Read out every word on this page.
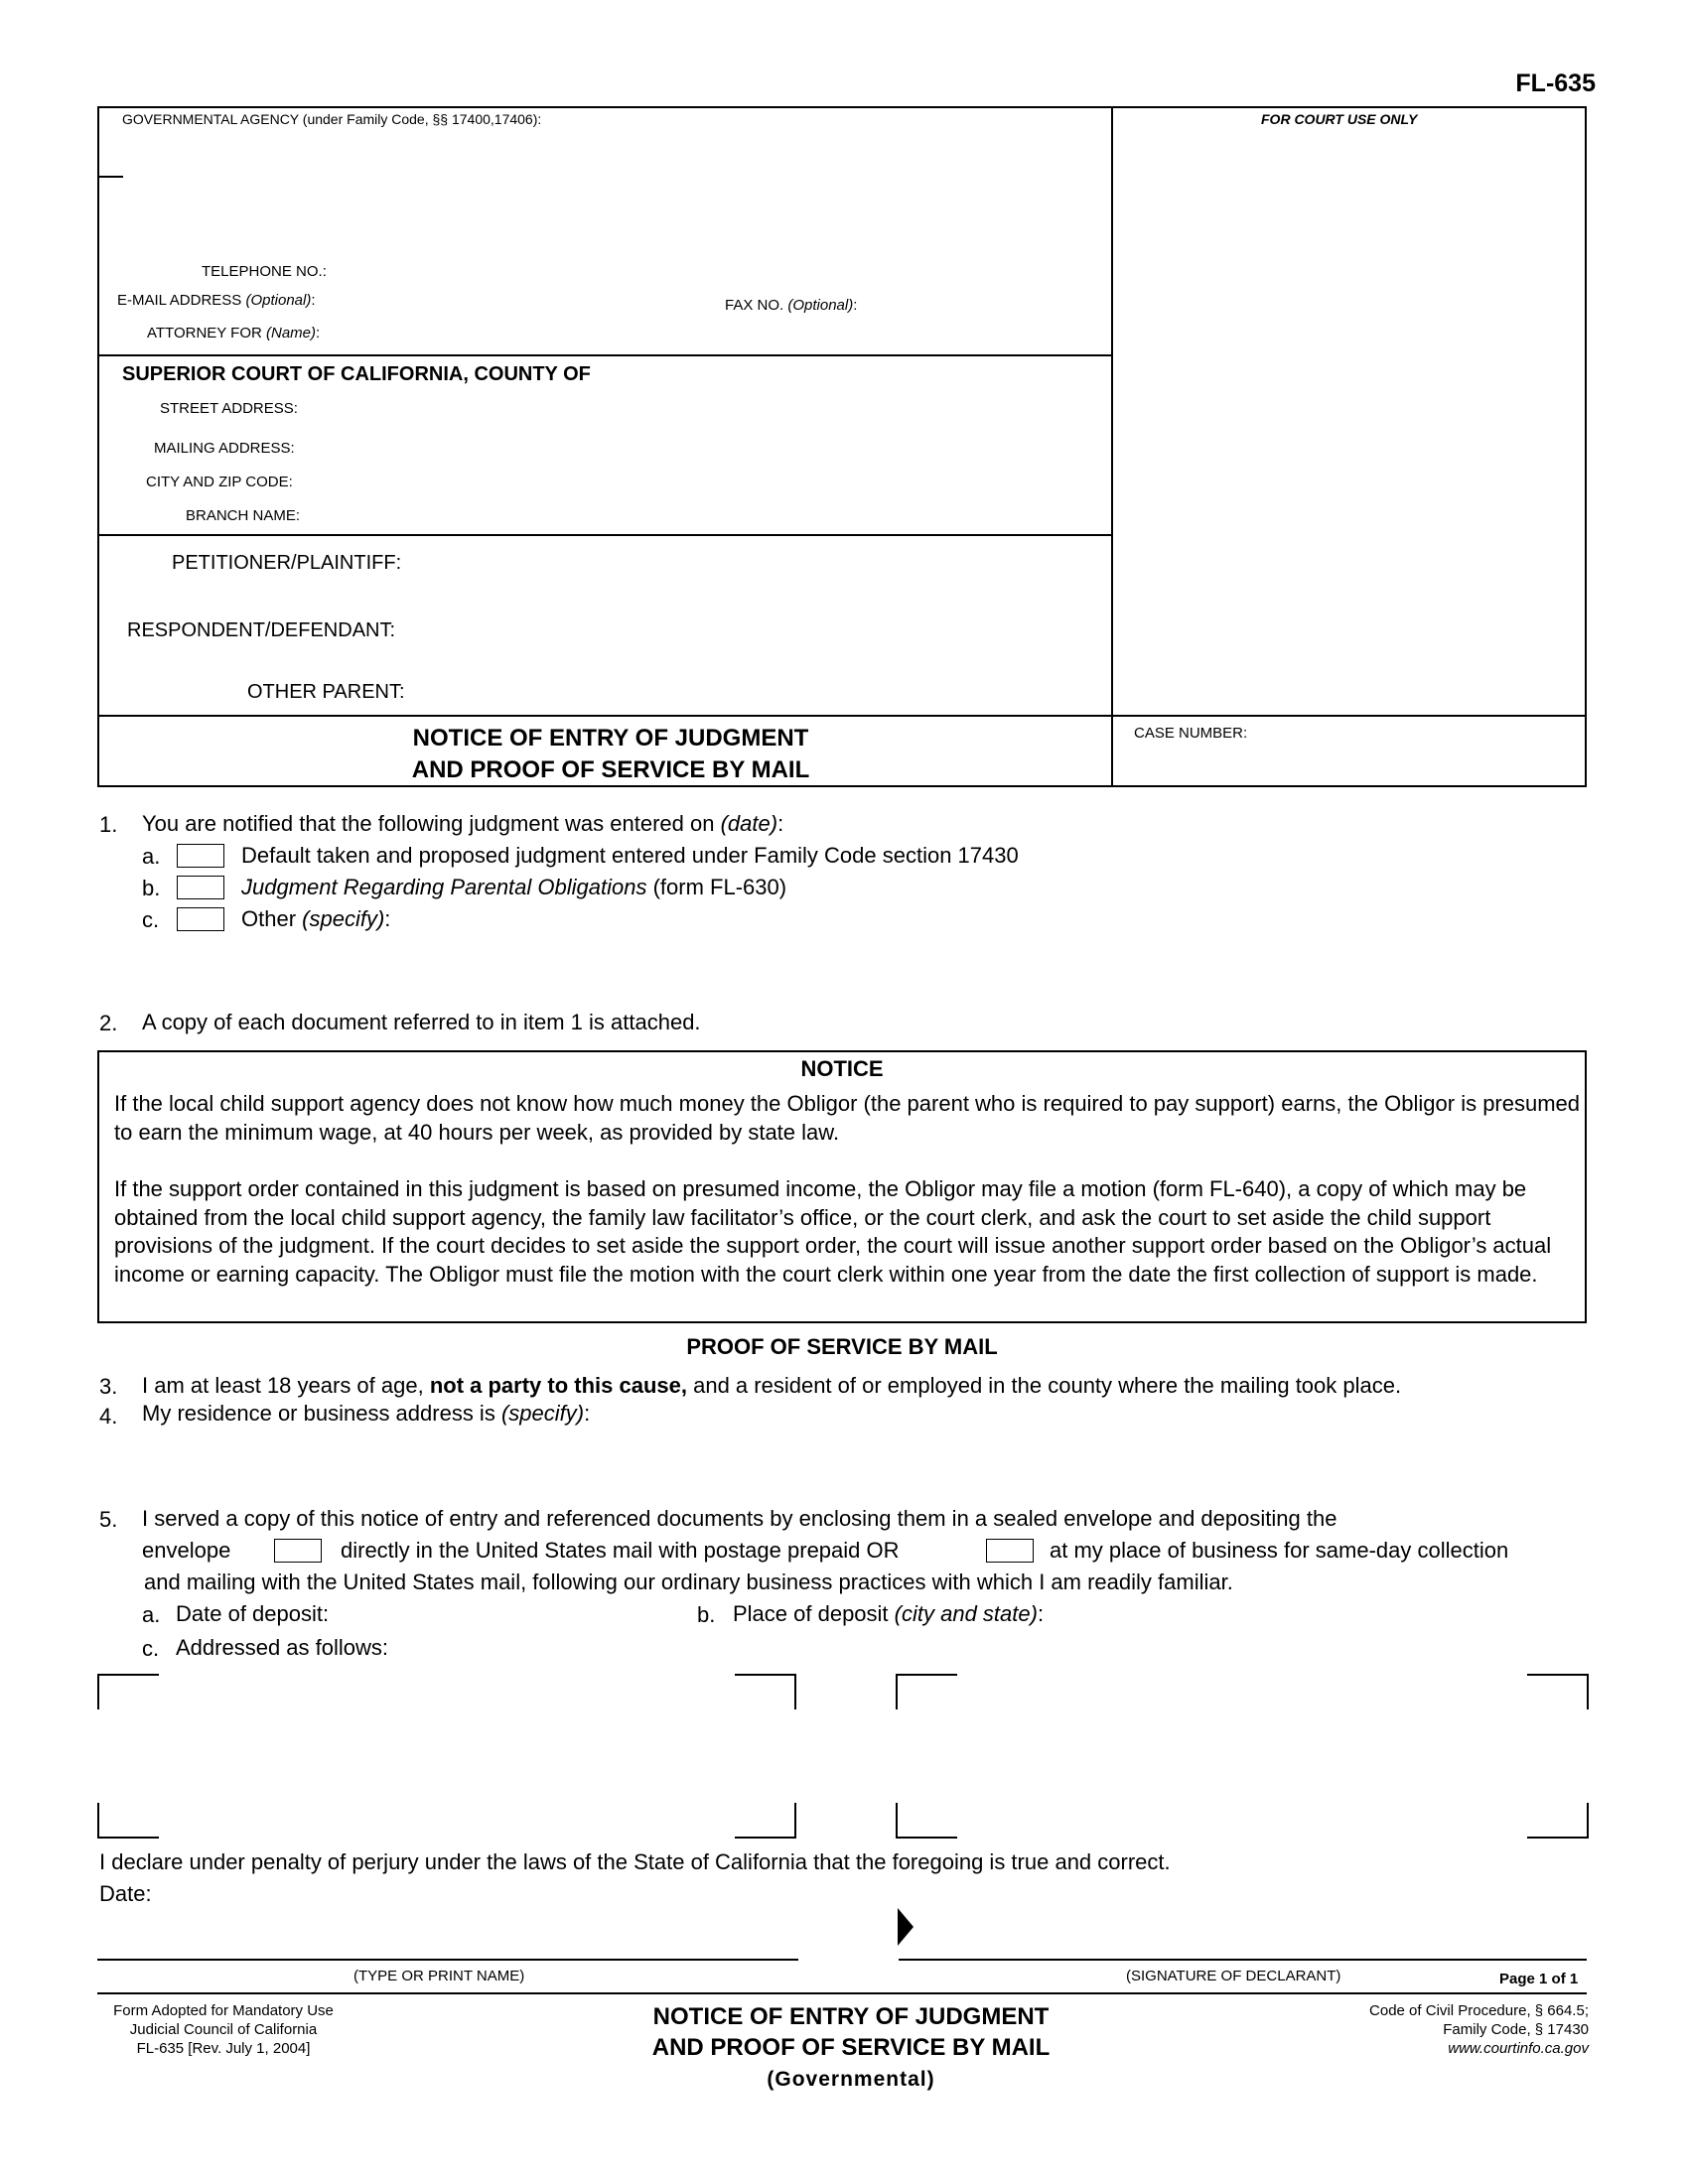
FL-635
GOVERNMENTAL AGENCY (under Family Code, §§ 17400,17406):	FOR COURT USE ONLY
TELEPHONE NO.:
E-MAIL ADDRESS (Optional):	FAX NO. (Optional):
ATTORNEY FOR (Name):
SUPERIOR COURT OF CALIFORNIA, COUNTY OF
STREET ADDRESS:
MAILING ADDRESS:
CITY AND ZIP CODE:
BRANCH NAME:
PETITIONER/PLAINTIFF:
RESPONDENT/DEFENDANT:
OTHER PARENT:
NOTICE OF ENTRY OF JUDGMENT
AND PROOF OF SERVICE BY MAIL
CASE NUMBER:
1. You are notified that the following judgment was entered on (date):
a.	Default taken and proposed judgment entered under Family Code section 17430
b.	Judgment Regarding Parental Obligations (form FL-630)
c.	Other (specify):
2. A copy of each document referred to in item 1 is attached.
NOTICE
If the local child support agency does not know how much money the Obligor (the parent who is required to pay support) earns, the Obligor is presumed to earn the minimum wage, at 40 hours per week, as provided by state law.
If the support order contained in this judgment is based on presumed income, the Obligor may file a motion (form FL-640), a copy of which may be obtained from the local child support agency, the family law facilitator’s office, or the court clerk, and ask the court to set aside the child support provisions of the judgment. If the court decides to set aside the support order, the court will issue another support order based on the Obligor’s actual income or earning capacity. The Obligor must file the motion with the court clerk within one year from the date the first collection of support is made.
PROOF OF SERVICE BY MAIL
3. I am at least 18 years of age, not a party to this cause, and a resident of or employed in the county where the mailing took place.
4. My residence or business address is (specify):
5. I served a copy of this notice of entry and referenced documents by enclosing them in a sealed envelope and depositing the
envelope	directly in the United States mail with postage prepaid OR	at my place of business for same-day collection
and mailing with the United States mail, following our ordinary business practices with which I am readily familiar.
a. Date of deposit:	b. Place of deposit (city and state):
c. Addressed as follows:
I declare under penalty of perjury under the laws of the State of California that the foregoing is true and correct.
Date:
(TYPE OR PRINT NAME)	(SIGNATURE OF DECLARANT)	Page 1 of 1
Form Adopted for Mandatory Use
Judicial Council of California
FL-635 [Rev. July 1, 2004]
NOTICE OF ENTRY OF JUDGMENT
AND PROOF OF SERVICE BY MAIL
(Governmental)
Code of Civil Procedure, § 664.5;
Family Code, § 17430
www.courtinfo.ca.gov
